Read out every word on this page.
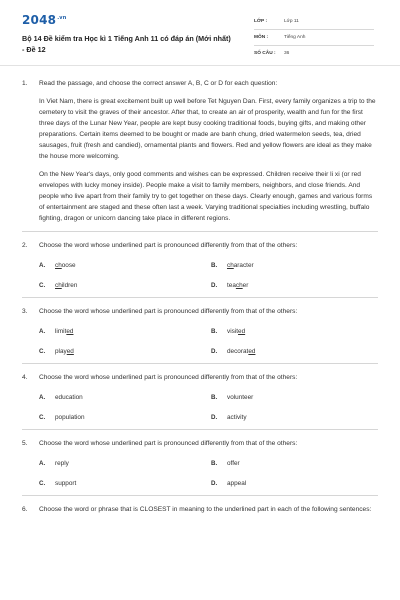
$2048^{.vn}$
Bộ 14 Đề kiểm tra Học kì 1 Tiếng Anh 11 có đáp án (Mới nhất) - Đề 12
LỚP :	Lớp 11
MÔN :	Tiếng Anh
SỐ CÂU : 36
1. Read the passage, and choose the correct answer A, B, C or D for each question:

In Viet Nam, there is great excitement built up well before Tet Nguyen Dan. First, every family organizes a trip to the cemetery to visit the graves of their ancestor. After that, to create an air of prosperity, wealth and fun for the first three days of the Lunar New Year, people are kept busy cooking traditional foods, buying gifts, and making other preparations. Certain items deemed to be bought or made are banh chung, dried watermelon seeds, tea, dried sausages, fruit (fresh and candied), ornamental plants and flowers. Red and yellow flowers are ideal as they make the house more welcoming.

On the New Year's days, only good comments and wishes can be expressed. Children receive their li xi (or red envelopes with lucky money inside). People make a visit to family members, neighbors, and close friends. And people who live apart from their family try to get together on these days. Clearly enough, games and various forms of entertainment are staged and these often last a week. Varying traditional specialties including wrestling, buffalo fighting, dragon or unicorn dancing take place in different regions.

2. Choose the word whose underlined part is pronounced differently from that of the others:
A. choose	B. character
C. children	D. teacher
3. Choose the word whose underlined part is pronounced differently from that of the others:
A. limited	B. visited
C. played	D. decorated
4. Choose the word whose underlined part is pronounced differently from that of the others:
A. education	B. volunteer
C. population	D. activity
5. Choose the word whose underlined part is pronounced differently from that of the others:
A. reply	B. offer
C. support	D. appeal
6. Choose the word or phrase that is CLOSEST in meaning to the underlined part in each of the following sentences:
